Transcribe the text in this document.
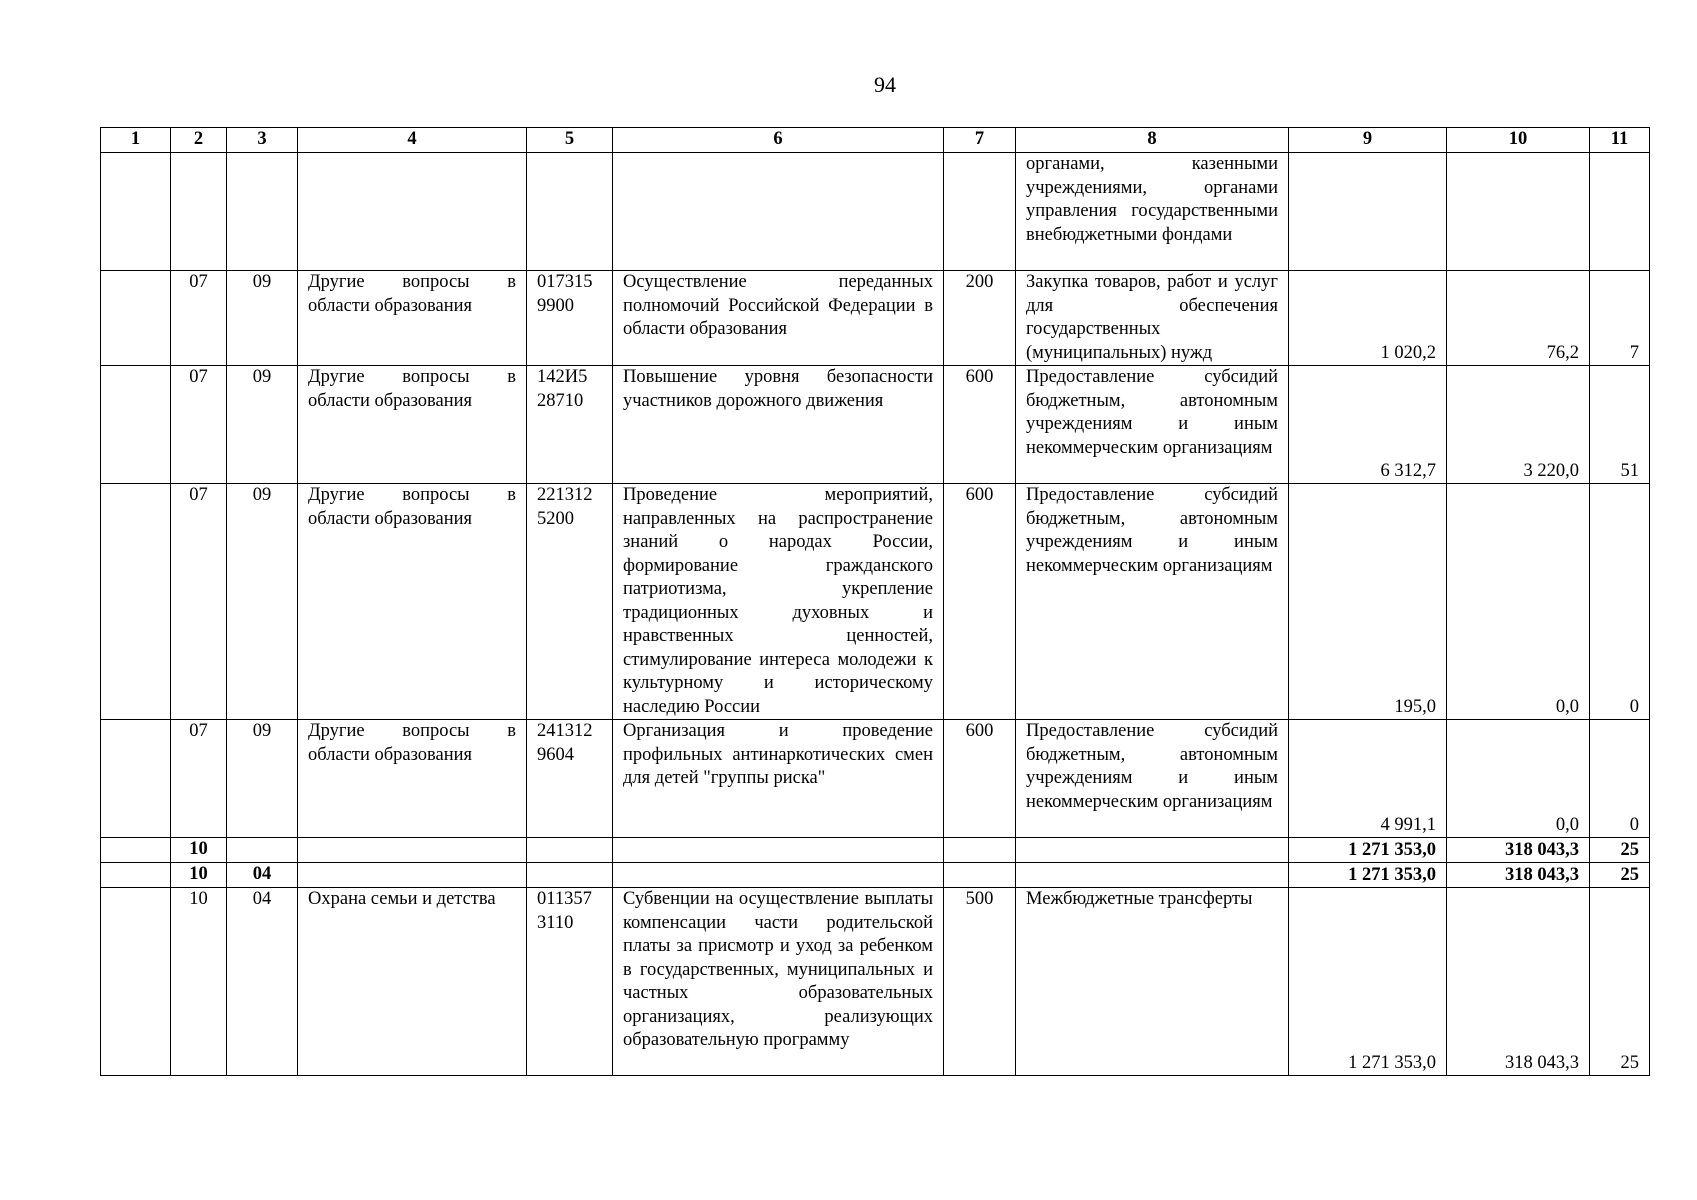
94
1	2	3	4	5	6	7	8	9	10	11
							органами, казенными учреждениями, органами управления государственными внебюджетными фондами			
	07	09	Другие вопросы в области образования	017315 9900	Осуществление переданных полномочий Российской Федерации в области образования	200	Закупка товаров, работ и услуг для обеспечения государственных (муниципальных) нужд	1 020,2	76,2	7
	07	09	Другие вопросы в области образования	142И5 28710	Повышение уровня безопасности участников дорожного движения	600	Предоставление субсидий бюджетным, автономным учреждениям и иным некоммерческим организациям	6 312,7	3 220,0	51
	07	09	Другие вопросы в области образования	221312 5200	Проведение мероприятий, направленных на распространение знаний о народах России, формирование гражданского патриотизма, укрепление традиционных духовных и нравственных ценностей, стимулирование интереса молодежи к культурному и историческому наследию России	600	Предоставление субсидий бюджетным, автономным учреждениям и иным некоммерческим организациям	195,0	0,0	0
	07	09	Другие вопросы в области образования	241312 9604	Организация и проведение профильных антинаркотических смен для детей "группы риска"	600	Предоставление субсидий бюджетным, автономным учреждениям и иным некоммерческим организациям	4 991,1	0,0	0
	10							1 271 353,0	318 043,3	25
	10	04						1 271 353,0	318 043,3	25
	10	04	Охрана семьи и детства	011357 3110	Субвенции на осуществление выплаты компенсации части родительской платы за присмотр и уход за ребенком в государственных, муниципальных и частных образовательных организациях, реализующих образовательную программу	500	Межбюджетные трансферты	1 271 353,0	318 043,3	25
